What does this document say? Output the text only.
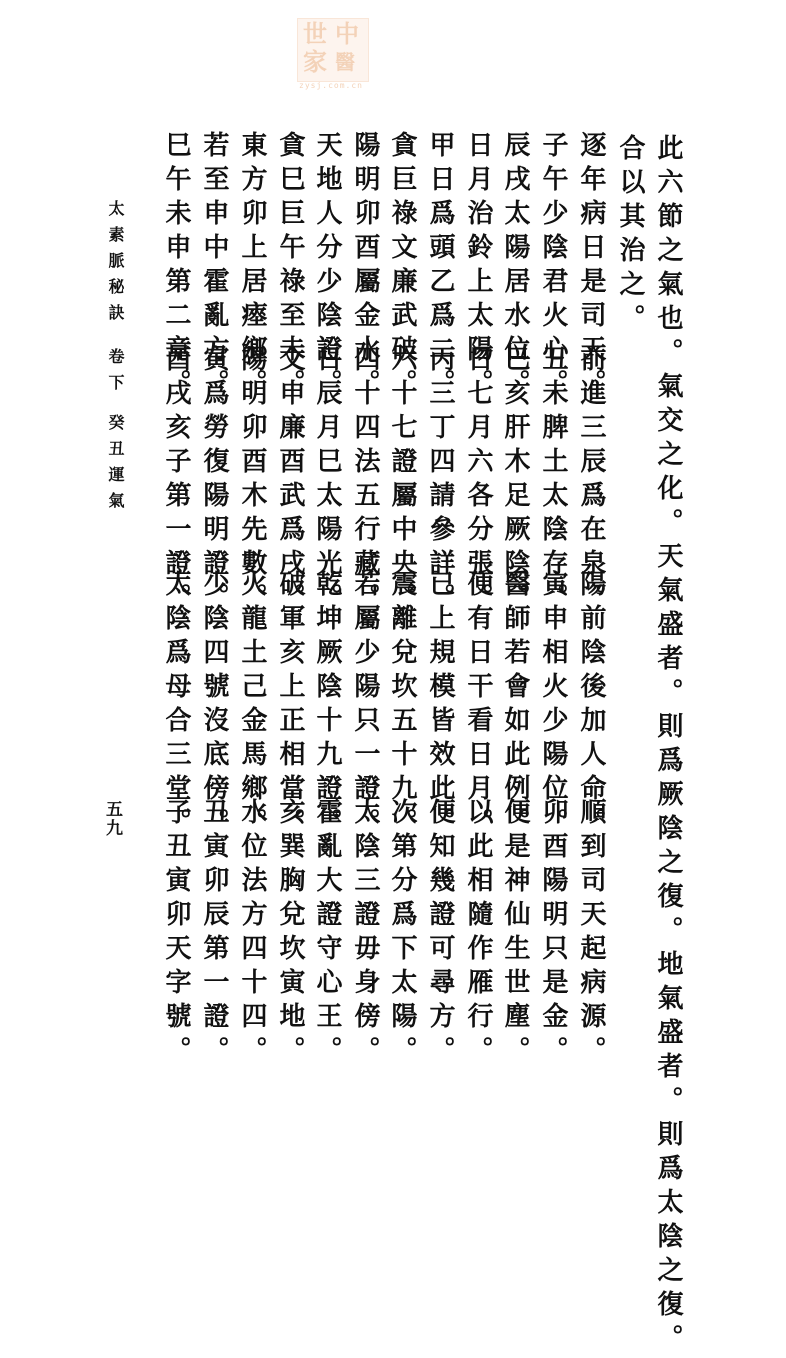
中
醫
世
家
zysj.com.cn
此六節之氣也。氣交之化。天氣盛者。則爲厥陰之復。地氣盛者。則爲太陰之復。
合以其治之。
逐年病日是司天。
子午少陰君火心。
辰戌太陽居水位。
日月治鈴上太陽。
甲日爲頭乙爲二。
貪巨祿文廉武破。
陽明卯酉屬金水。
天地人分少陰證。
貪巳巨午祿至未。
東方卯上居瘞鄉。
若至申中霍亂方。
巳午未申第二章。
前進三辰爲在泉。
丑未脾土太陰存。
巳亥肝木足厥陰。
日七月六各分張。
丙三丁四請參詳。
六十七證屬中央。
四十四法五行藏。
日辰月巳太陽光。
文申廉酉武爲戌。
陽明卯酉木先數。
寅爲勞復陽明證。
酉戌亥子第一證。
陽前陰後加人命。
寅申相火少陽位。
醫師若會如此例。
便有日干看日月。
已上規模皆效此。
震離兌坎五十九。
若屬少陽只一證。
乾坤厥陰十九證。
破軍亥上正相當。
火龍土己金馬鄉。
少陰四號沒底傍。
太陰爲母合三堂。
順到司天起病源。
卯酉陽明只是金。
便是神仙生世塵。
以此相隨作雁行。
便知幾證可尋方。
次第分爲下太陽。
太陰三證毋身傍。
霍亂大證守心王。
亥巽胸兌坎寅地。
水位法方四十四。
丑寅卯辰第一證。
子丑寅卯天字號。
太素脈秘訣
卷下
癸丑運氣
五九
